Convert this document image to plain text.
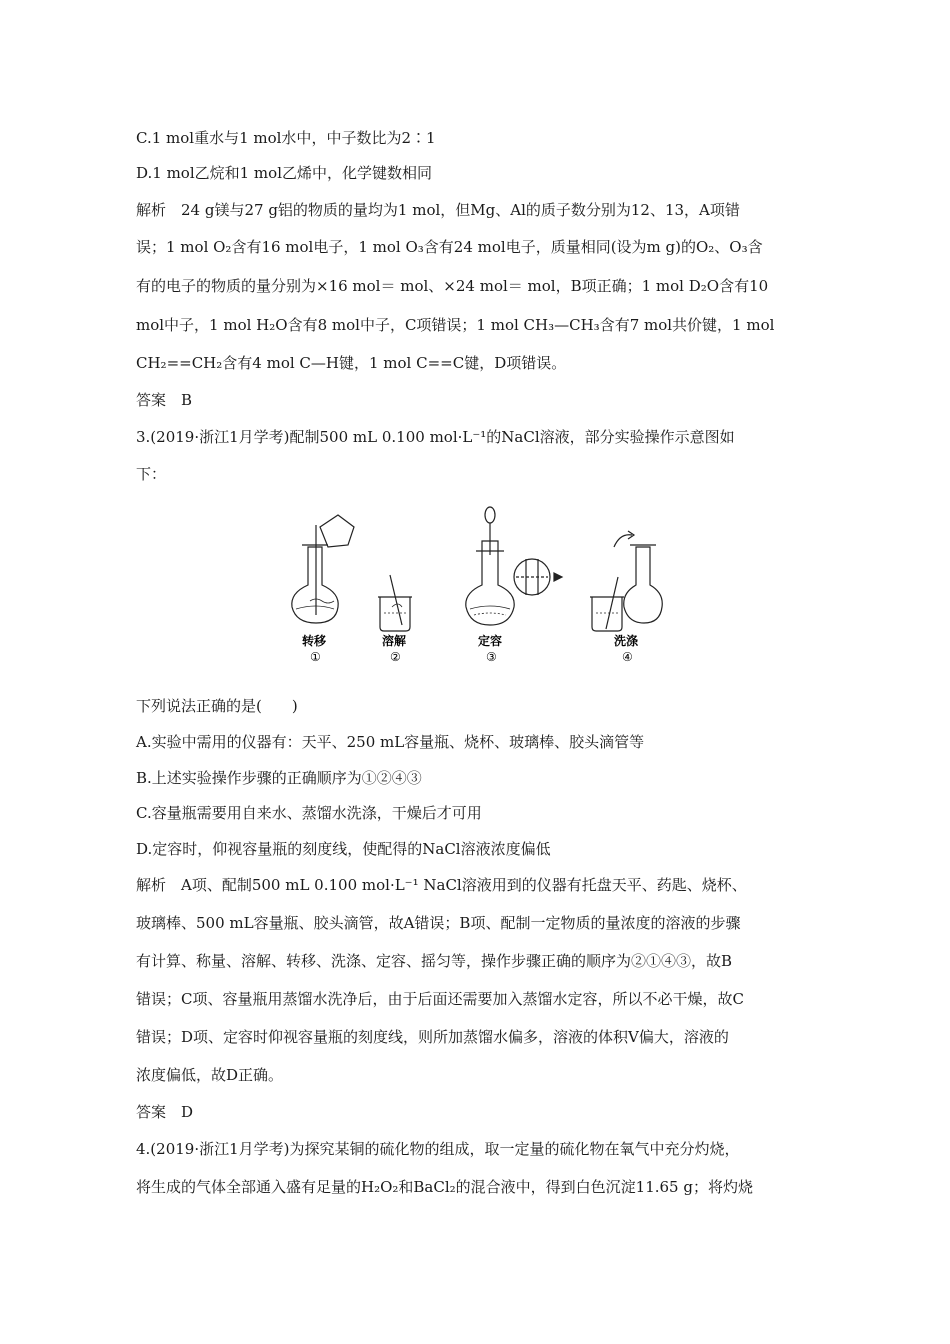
C.1 mol重水与1 mol水中，中子数比为2∶1
D.1 mol乙烷和1 mol乙烯中，化学键数相同
解析　24 g镁与27 g铝的物质的量均为1 mol，但Mg、Al的质子数分别为12、13，A项错
误；1 mol O₂含有16 mol电子，1 mol O₃含有24 mol电子，质量相同(设为m g)的O₂、O₃含
有的电子的物质的量分别为×16 mol＝ mol、×24 mol＝ mol，B项正确；1 mol D₂O含有10
mol中子，1 mol H₂O含有8 mol中子，C项错误；1 mol CH₃—CH₃含有7 mol共价键，1 mol
CH₂==CH₂含有4 mol C—H键，1 mol C==C键，D项错误。
答案　B
3.(2019·浙江1月学考)配制500 mL 0.100 mol·L⁻¹的NaCl溶液，部分实验操作示意图如
下：
转移
①
溶解
②
定容
③
洗涤
④
下列说法正确的是(　　)
A.实验中需用的仪器有：天平、250 mL容量瓶、烧杯、玻璃棒、胶头滴管等
B.上述实验操作步骤的正确顺序为①②④③
C.容量瓶需要用自来水、蒸馏水洗涤，干燥后才可用
D.定容时，仰视容量瓶的刻度线，使配得的NaCl溶液浓度偏低
解析　A项、配制500 mL 0.100 mol·L⁻¹ NaCl溶液用到的仪器有托盘天平、药匙、烧杯、
玻璃棒、500 mL容量瓶、胶头滴管，故A错误；B项、配制一定物质的量浓度的溶液的步骤
有计算、称量、溶解、转移、洗涤、定容、摇匀等，操作步骤正确的顺序为②①④③，故B
错误；C项、容量瓶用蒸馏水洗净后，由于后面还需要加入蒸馏水定容，所以不必干燥，故C
错误；D项、定容时仰视容量瓶的刻度线，则所加蒸馏水偏多，溶液的体积V偏大，溶液的
浓度偏低，故D正确。
答案　D
4.(2019·浙江1月学考)为探究某铜的硫化物的组成，取一定量的硫化物在氧气中充分灼烧，
将生成的气体全部通入盛有足量的H₂O₂和BaCl₂的混合液中，得到白色沉淀11.65 g；将灼烧
